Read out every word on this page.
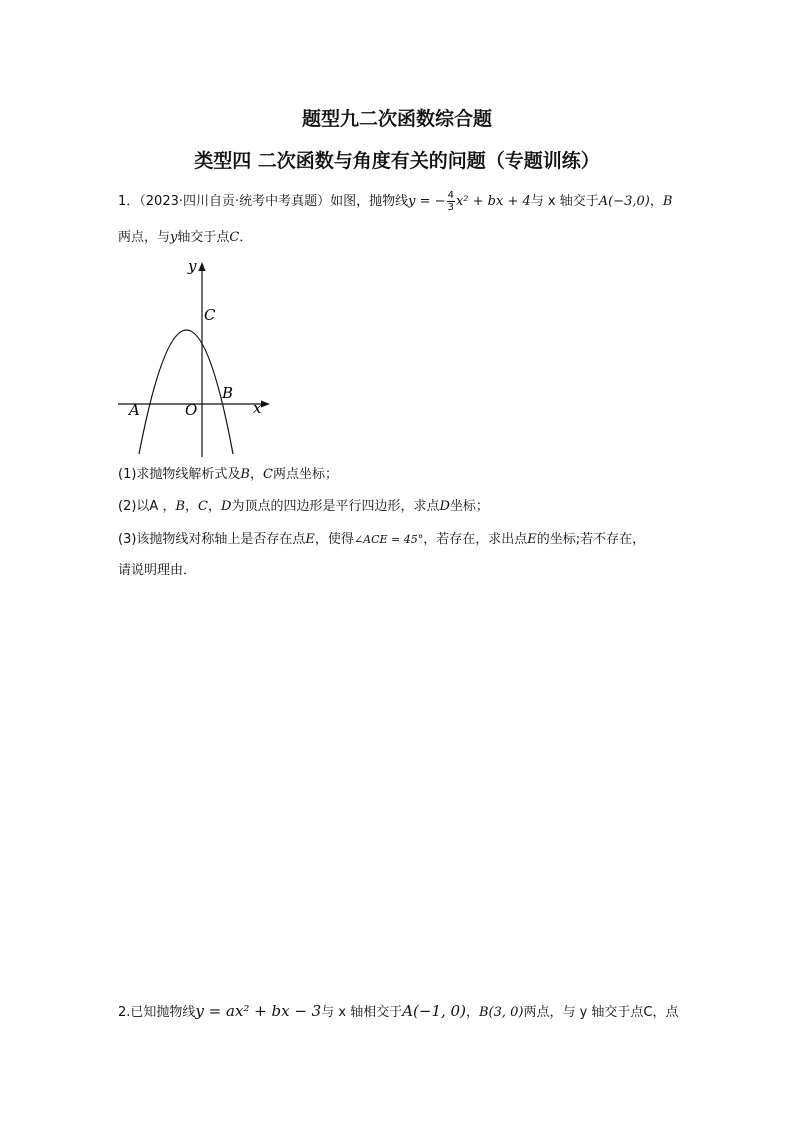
题型九二次函数综合题
类型四 二次函数与角度有关的问题（专题训练）
1．（2023·四川自贡·统考中考真题）如图，抛物线y = − $\frac{4}{3} x^2$ + bx + 4与 x 轴交于A(−3,0)，B
两点，与y轴交于点C．
y
x
C
B
A	O
(1)求抛物线解析式及B，C两点坐标；
(2)以A ，B，C，D为顶点的四边形是平行四边形，求点D坐标；
(3)该抛物线对称轴上是否存在点E，使得∠ACE = 45°，若存在，求出点E的坐标;若不存在，
请说明理由．
2.已知抛物线y = ax² + bx − 3与 x 轴相交于A(−1, 0)，B(3, 0)两点，与 y 轴交于点C，点
